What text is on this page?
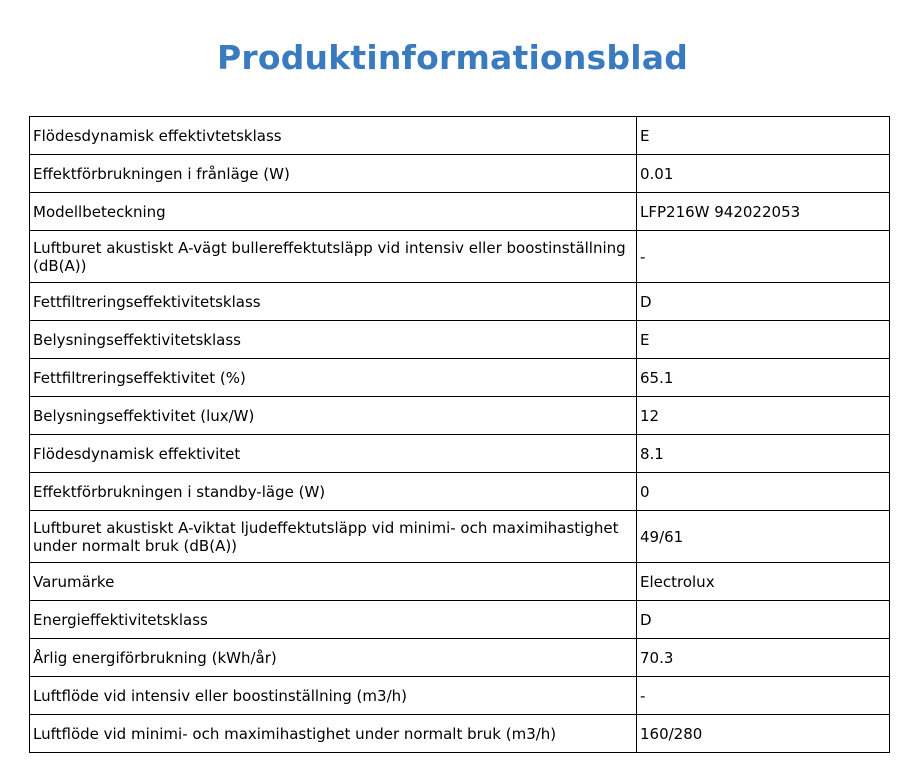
Produktinformationsblad
Flödesdynamisk effektivtetsklass	E
Effektförbrukningen i frånläge (W)	0.01
Modellbeteckning	LFP216W 942022053
Luftburet akustiskt A-vägt bullereffektutsläpp vid intensiv eller boostinställning (dB(A))	-
Fettfiltreringseffektivitetsklass	D
Belysningseffektivitetsklass	E
Fettfiltreringseffektivitet (%)	65.1
Belysningseffektivitet (lux/W)	12
Flödesdynamisk effektivitet	8.1
Effektförbrukningen i standby-läge (W)	0
Luftburet akustiskt A-viktat ljudeffektutsläpp vid minimi- och maximihastighet under normalt bruk (dB(A))	49/61
Varumärke	Electrolux
Energieffektivitetsklass	D
Årlig energiförbrukning (kWh/år)	70.3
Luftflöde vid intensiv eller boostinställning (m3/h)	-
Luftflöde vid minimi- och maximihastighet under normalt bruk (m3/h)	160/280
